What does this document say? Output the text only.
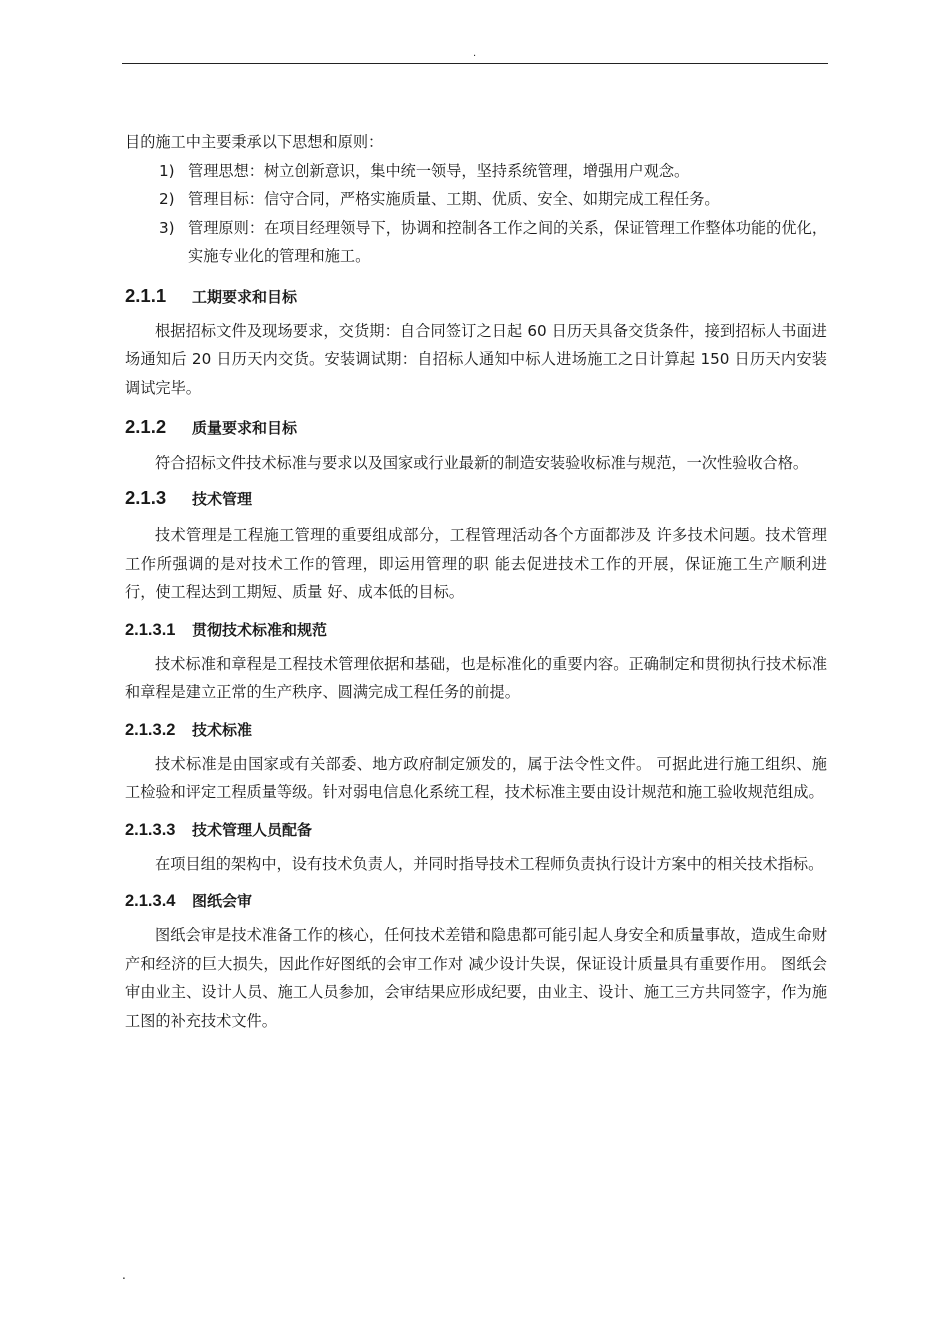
.

目的施工中主要秉承以下思想和原则：

1) 管理思想：树立创新意识，集中统一领导，坚持系统管理，增强用户观念。
2) 管理目标：信守合同，严格实施质量、工期、优质、安全、如期完成工程任务。
3) 管理原则：在项目经理领导下，协调和控制各工作之间的关系，保证管理工作整体功能的优化，实施专业化的管理和施工。
2.1.1	工期要求和目标

根据招标文件及现场要求，交货期：自合同签订之日起 60 日历天具备交货条件，接到招标人书面进场通知后 20 日历天内交货。安装调试期：自招标人通知中标人进场施工之日计算起 150 日历天内安装调试完毕。

2.1.2	质量要求和目标

符合招标文件技术标准与要求以及国家或行业最新的制造安装验收标准与规范，一次性验收合格。

2.1.3	技术管理

技术管理是工程施工管理的重要组成部分，工程管理活动各个方面都涉及 许多技术问题。技术管理工作所强调的是对技术工作的管理，即运用管理的职 能去促进技术工作的开展，保证施工生产顺利进行，使工程达到工期短、质量 好、成本低的目标。

2.1.3.1	贯彻技术标准和规范

技术标准和章程是工程技术管理依据和基础，也是标准化的重要内容。正确制定和贯彻执行技术标准和章程是建立正常的生产秩序、圆满完成工程任务的前提。

2.1.3.2	技术标准

技术标准是由国家或有关部委、地方政府制定颁发的，属于法令性文件。 可据此进行施工组织、施工检验和评定工程质量等级。针对弱电信息化系统工程，技术标准主要由设计规范和施工验收规范组成。

2.1.3.3	技术管理人员配备

在项目组的架构中，设有技术负责人，并同时指导技术工程师负责执行设计方案中的相关技术指标。

2.1.3.4	图纸会审

图纸会审是技术准备工作的核心，任何技术差错和隐患都可能引起人身安全和质量事故，造成生命财产和经济的巨大损失，因此作好图纸的会审工作对 减少设计失误，保证设计质量具有重要作用。 图纸会审由业主、设计人员、施工人员参加，会审结果应形成纪要，由业主、设计、施工三方共同签字，作为施工图的补充技术文件。

.
